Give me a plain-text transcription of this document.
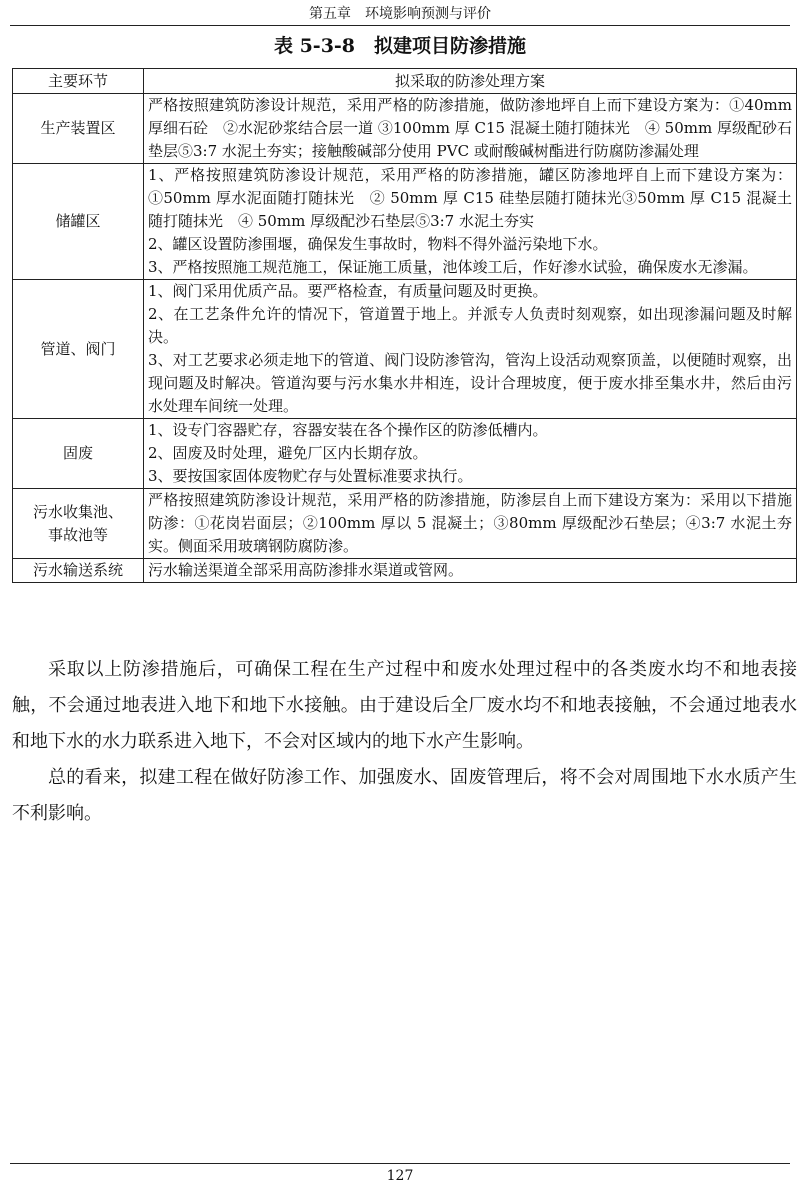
第五章　环境影响预测与评价
表 5-3-8　拟建项目防渗措施
主要环节	拟采取的防渗处理方案
生产装置区	严格按照建筑防渗设计规范，采用严格的防渗措施，做防渗地坪自上而下建设方案为：①40mm 厚细石砼　②水泥砂浆结合层一道 ③100mm 厚 C15 混凝土随打随抹光　④ 50mm 厚级配砂石垫层⑤3:7 水泥土夯实；接触酸碱部分使用 PVC 或耐酸碱树酯进行防腐防渗漏处理

储罐区	1、严格按照建筑防渗设计规范，采用严格的防渗措施，罐区防渗地坪自上而下建设方案为：①50mm 厚水泥面随打随抹光　② 50mm 厚 C15 硅垫层随打随抹光③50mm 厚 C15 混凝土随打随抹光　④ 50mm 厚级配沙石垫层⑤3:7 水泥土夯实
2、罐区设置防渗围堰，确保发生事故时，物料不得外溢污染地下水。
3、严格按照施工规范施工，保证施工质量，池体竣工后，作好渗水试验，确保废水无渗漏。

管道、阀门	1、阀门采用优质产品。要严格检查，有质量问题及时更换。
2、在工艺条件允许的情况下，管道置于地上。并派专人负责时刻观察，如出现渗漏问题及时解决。
3、对工艺要求必须走地下的管道、阀门设防渗管沟，管沟上设活动观察顶盖，以便随时观察，出现问题及时解决。管道沟要与污水集水井相连，设计合理坡度，便于废水排至集水井，然后由污水处理车间统一处理。

固废	1、设专门容器贮存，容器安装在各个操作区的防渗低槽内。
2、固废及时处理，避免厂区内长期存放。
3、要按国家固体废物贮存与处置标准要求执行。

污水收集池、
事故池等	严格按照建筑防渗设计规范，采用严格的防渗措施，防渗层自上而下建设方案为：采用以下措施防渗：①花岗岩面层；②100mm 厚以 5 混凝土；③80mm 厚级配沙石垫层；④3:7 水泥土夯实。侧面采用玻璃钢防腐防渗。

污水输送系统	污水输送渠道全部采用高防渗排水渠道或管网。

采取以上防渗措施后，可确保工程在生产过程中和废水处理过程中的各类废水均不和地表接触，不会通过地表进入地下和地下水接触。由于建设后全厂废水均不和地表接触，不会通过地表水和地下水的水力联系进入地下，不会对区域内的地下水产生影响。

总的看来，拟建工程在做好防渗工作、加强废水、固废管理后，将不会对周围地下水水质产生不利影响。

127
